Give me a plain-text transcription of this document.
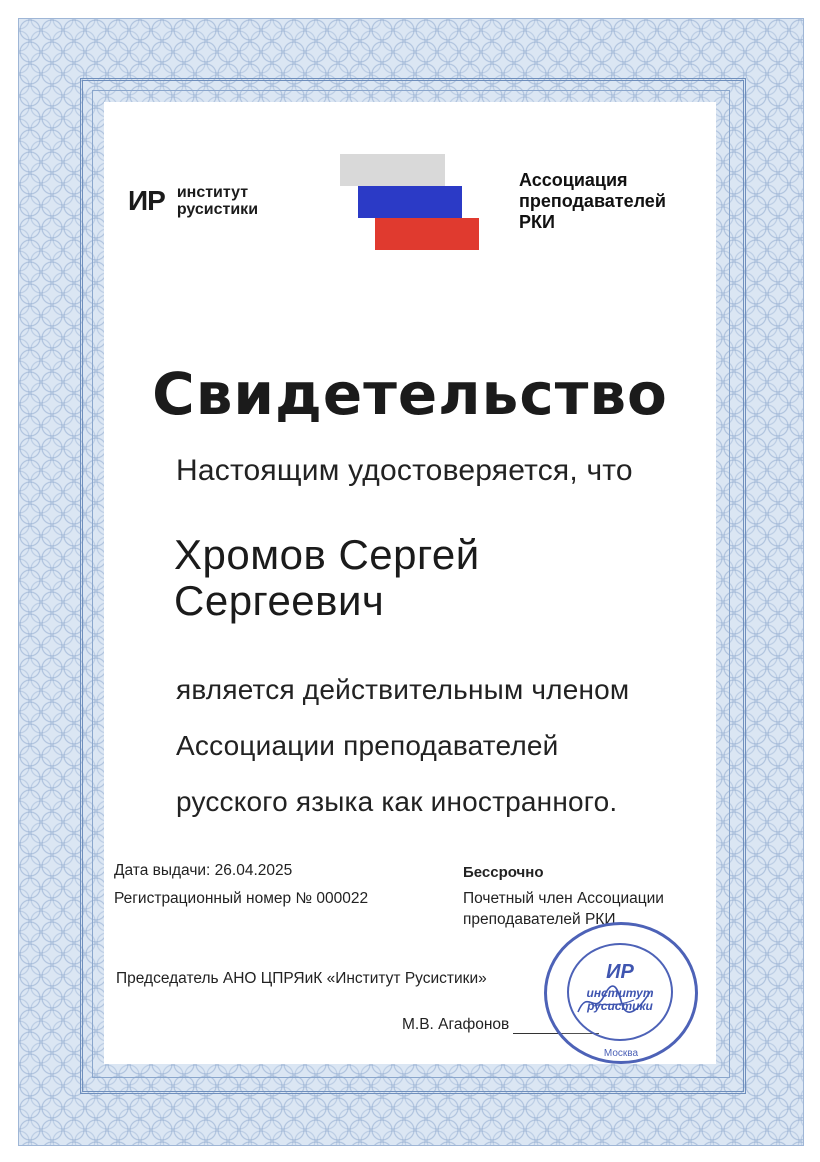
ИР институт
русистики
Ассоциация
преподавателей
РКИ
Свидетельство
Настоящим удостоверяется, что
Хромов Сергей
Сергеевич
является действительным членом
Ассоциации преподавателей
русского языка как иностранного.
Дата выдачи: 26.04.2025
Регистрационный номер № 000022
Бессрочно
Почетный член Ассоциации
преподавателей РКИ
Председатель АНО ЦПРЯиК «Институт Русистики»
М.В. Агафонов
ИР
институт
русистики
Москва
